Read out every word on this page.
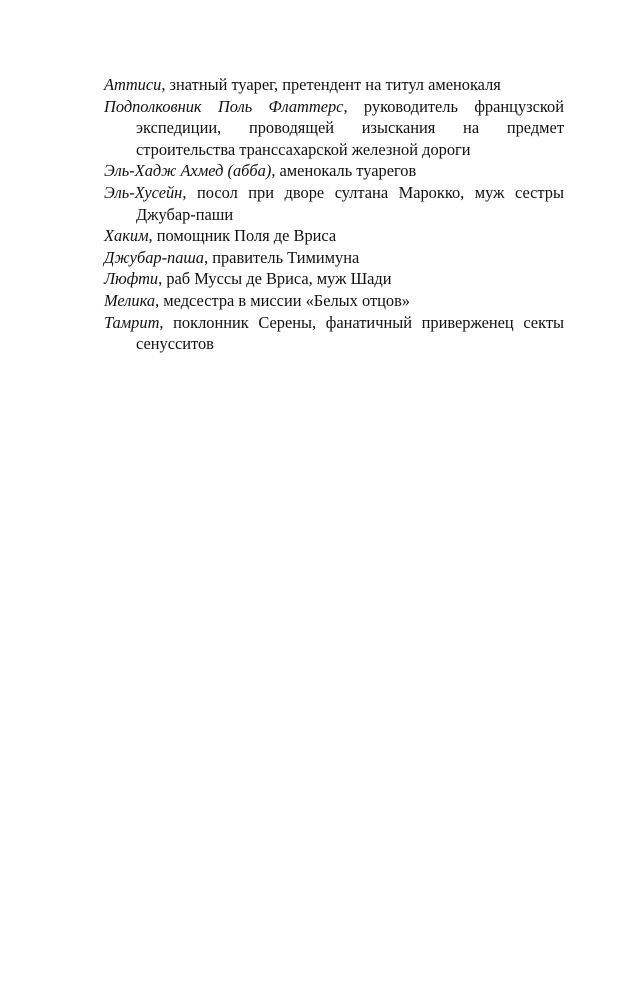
Аттиси, знатный туарег, претендент на титул аменокаля

Подполковник Поль Флаттерс, руководитель французской экспедиции, проводящей изыскания на предмет строительства транссахарской железной дороги

Эль-Хадж Ахмед (абба), аменокаль туарегов

Эль-Хусейн, посол при дворе султана Марокко, муж сестры Джубар-паши

Хаким, помощник Поля де Вриса

Джубар-паша, правитель Тимимуна

Люфти, раб Муссы де Вриса, муж Шади

Мелика, медсестра в миссии «Белых отцов»

Тамрит, поклонник Серены, фанатичный приверженец секты сенусситов
